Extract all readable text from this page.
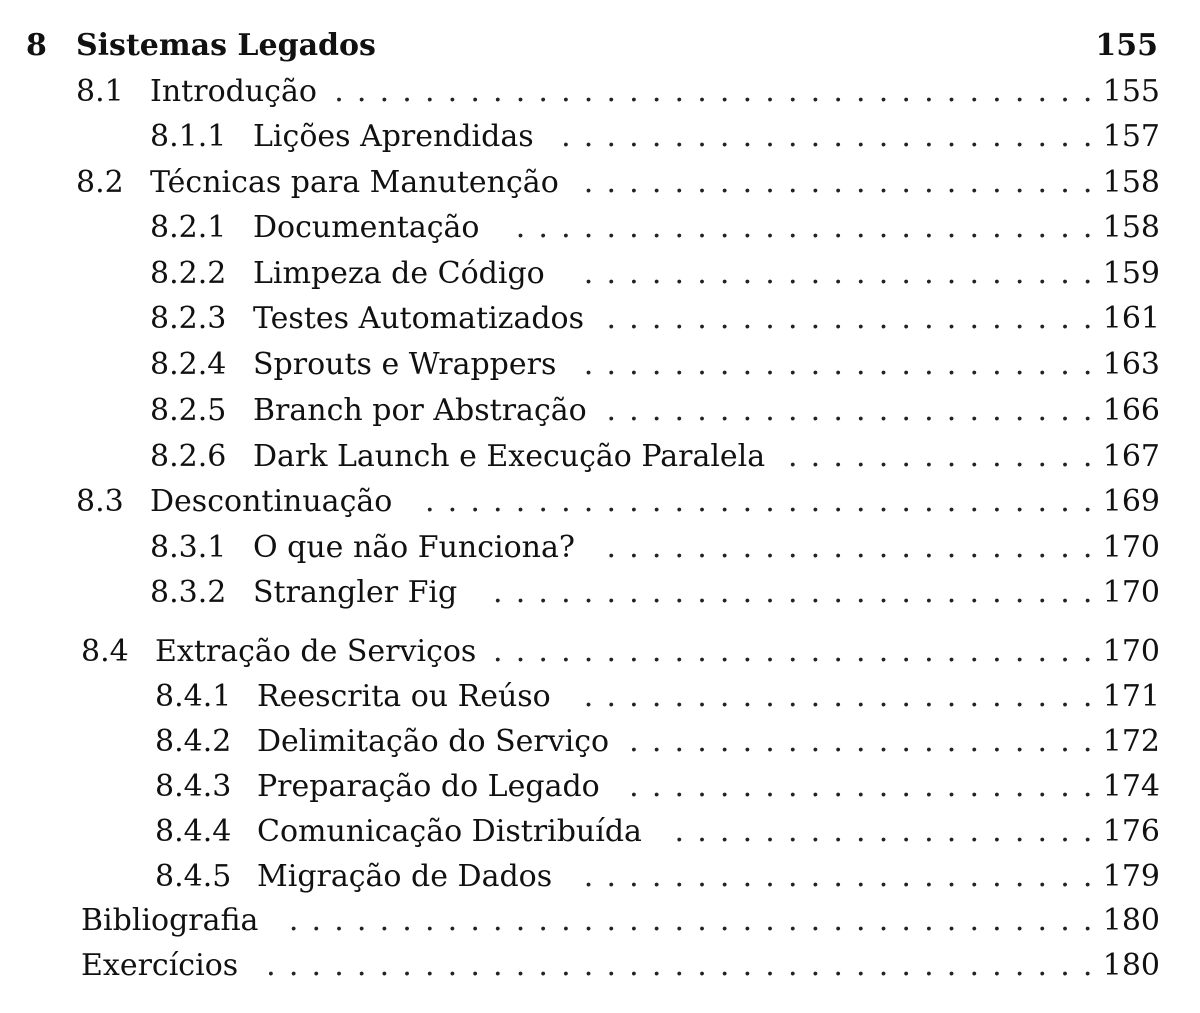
8 Sistemas Legados	155
8.1 Introdução	..................................	155
8.1.1 Lições Aprendidas	........................	157
8.2 Técnicas para Manutenção	.......................	158
8.2.1 Documentação	..........................	158
8.2.2 Limpeza de Código	.......................	159
8.2.3 Testes Automatizados	......................	161
8.2.4 Sprouts e Wrappers	.......................	163
8.2.5 Branch por Abstração	......................	166
8.2.6 Dark Launch e Execução Paralela	..............	167
8.3 Descontinuação	..............................	169
8.3.1 O que não Funciona?	......................	170
8.3.2 Strangler Fig	...........................	170
8.4 Extração de Serviços	...........................	170
8.4.1 Reescrita ou Reúso	.......................	171
8.4.2 Delimitação do Serviço	.....................	172
8.4.3 Preparação do Legado	.....................	174
8.4.4 Comunicação Distribuída	...................	176
8.4.5 Migração de Dados	.......................	179
Bibliografia	....................................	180
Exercícios	.....................................	180
